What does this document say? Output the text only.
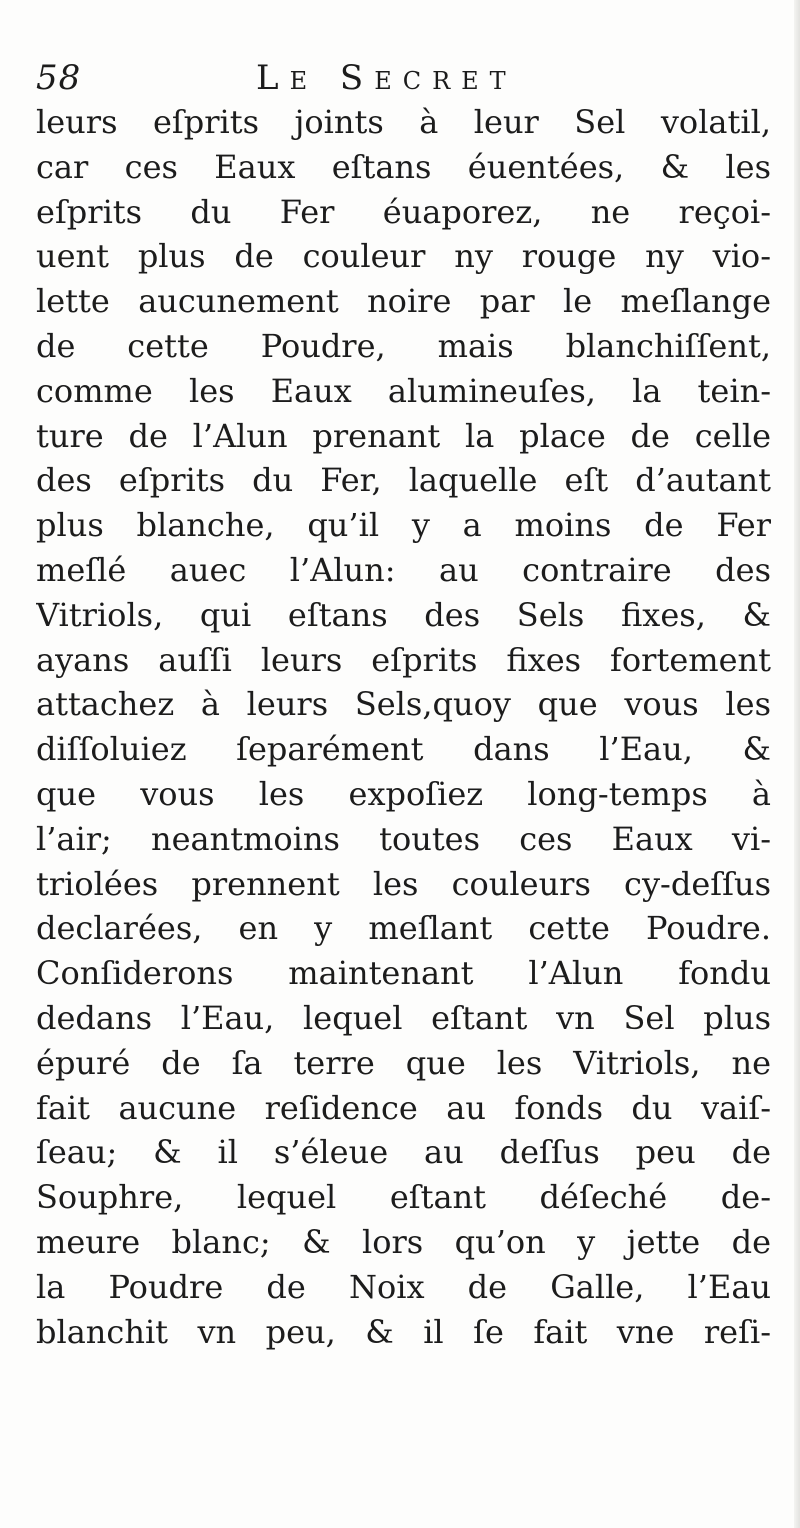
58	Le Secret
leurs eſprits joints à leur Sel volatil,
car ces Eaux eſtans éuentées, & les
eſprits du Fer éuaporez, ne reçoi-
uent plus de couleur ny rouge ny vio-
lette aucunement noire par le meſlange
de cette Poudre, mais blanchiſſent,
comme les Eaux alumineuſes, la tein-
ture de l’Alun prenant la place de celle
des eſprits du Fer, laquelle eſt d’autant
plus blanche, qu’il y a moins de Fer
meſlé auec l’Alun: au contraire des
Vitriols, qui eſtans des Sels fixes, &
ayans auſſi leurs eſprits fixes fortement
attachez à leurs Sels,quoy que vous les
diſſoluiez ſeparément dans l’Eau, &
que vous les expoſiez long-temps à
l’air; neantmoins toutes ces Eaux vi-
triolées prennent les couleurs cy-deſſus
declarées, en y meſlant cette Poudre.
Conſiderons maintenant l’Alun fondu
dedans l’Eau, lequel eſtant vn Sel plus
épuré de ſa terre que les Vitriols, ne
fait aucune reſidence au fonds du vaiſ-
ſeau; & il s’éleue au deſſus peu de
Souphre, lequel eſtant déſeché de-
meure blanc; & lors qu’on y jette de
la Poudre de Noix de Galle, l’Eau
blanchit vn peu, & il ſe fait vne reſi-
